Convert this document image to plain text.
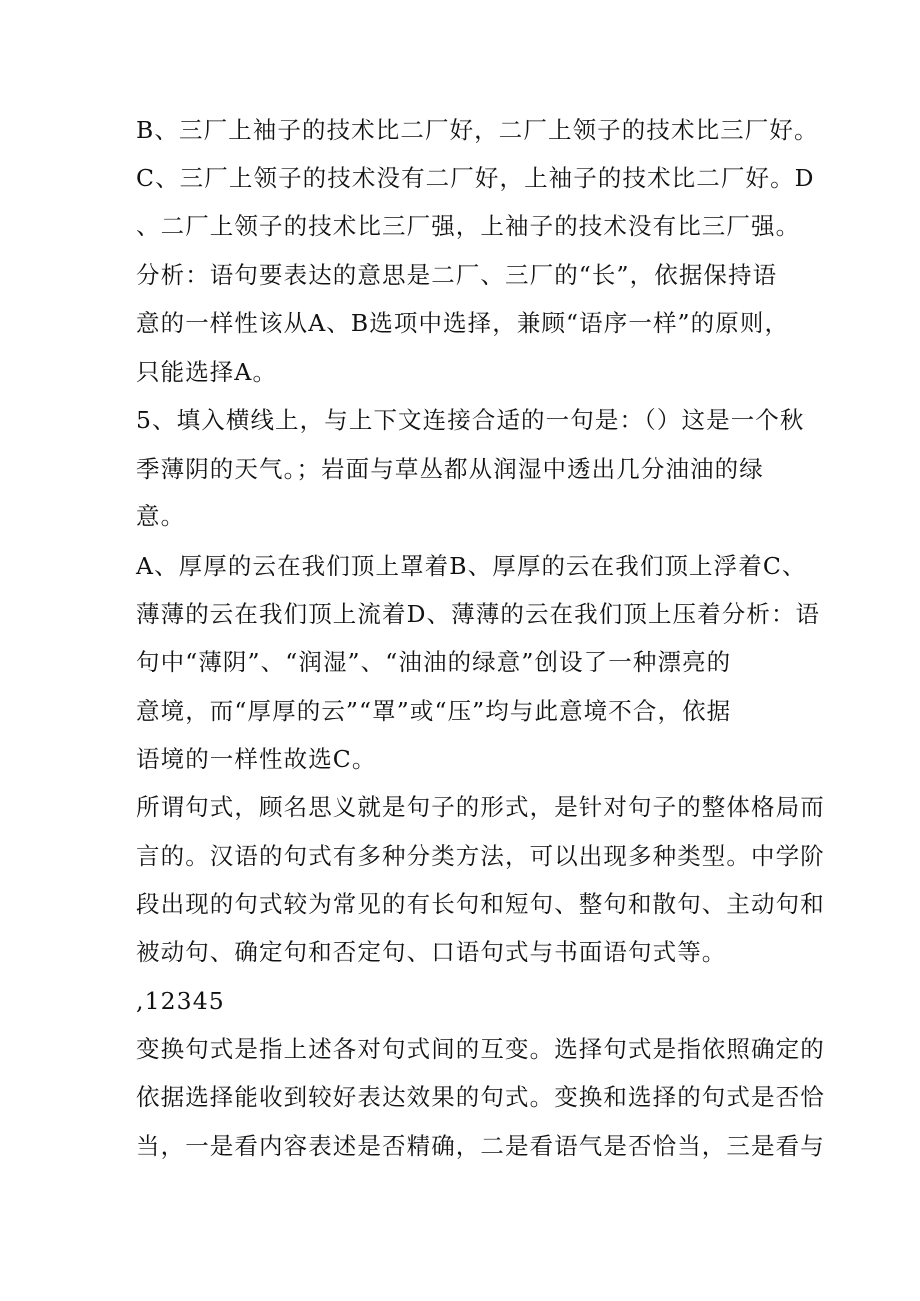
B、三厂上袖子的技术比二厂好，二厂上领子的技术比三厂好。
C、三厂上领子的技术没有二厂好，上袖子的技术比二厂好。D
、二厂上领子的技术比三厂强，上袖子的技术没有比三厂强。
分析：语句要表达的意思是二厂、三厂的“长”，依据保持语
意的一样性该从A、B选项中选择，兼顾“语序一样”的原则，
只能选择A。
5、填入横线上，与上下文连接合适的一句是：（）这是一个秋
季薄阴的天气。；岩面与草丛都从润湿中透出几分油油的绿
意。
A、厚厚的云在我们顶上罩着B、厚厚的云在我们顶上浮着C、
薄薄的云在我们顶上流着D、薄薄的云在我们顶上压着分析：语
句中“薄阴”、“润湿”、“油油的绿意”创设了一种漂亮的
意境，而“厚厚的云”“罩”或“压”均与此意境不合，依据
语境的一样性故选C。
所谓句式，顾名思义就是句子的形式，是针对句子的整体格局而
言的。汉语的句式有多种分类方法，可以出现多种类型。中学阶
段出现的句式较为常见的有长句和短句、整句和散句、主动句和
被动句、确定句和否定句、口语句式与书面语句式等。
,12345
变换句式是指上述各对句式间的互变。选择句式是指依照确定的
依据选择能收到较好表达效果的句式。变换和选择的句式是否恰
当，一是看内容表述是否精确，二是看语气是否恰当，三是看与
